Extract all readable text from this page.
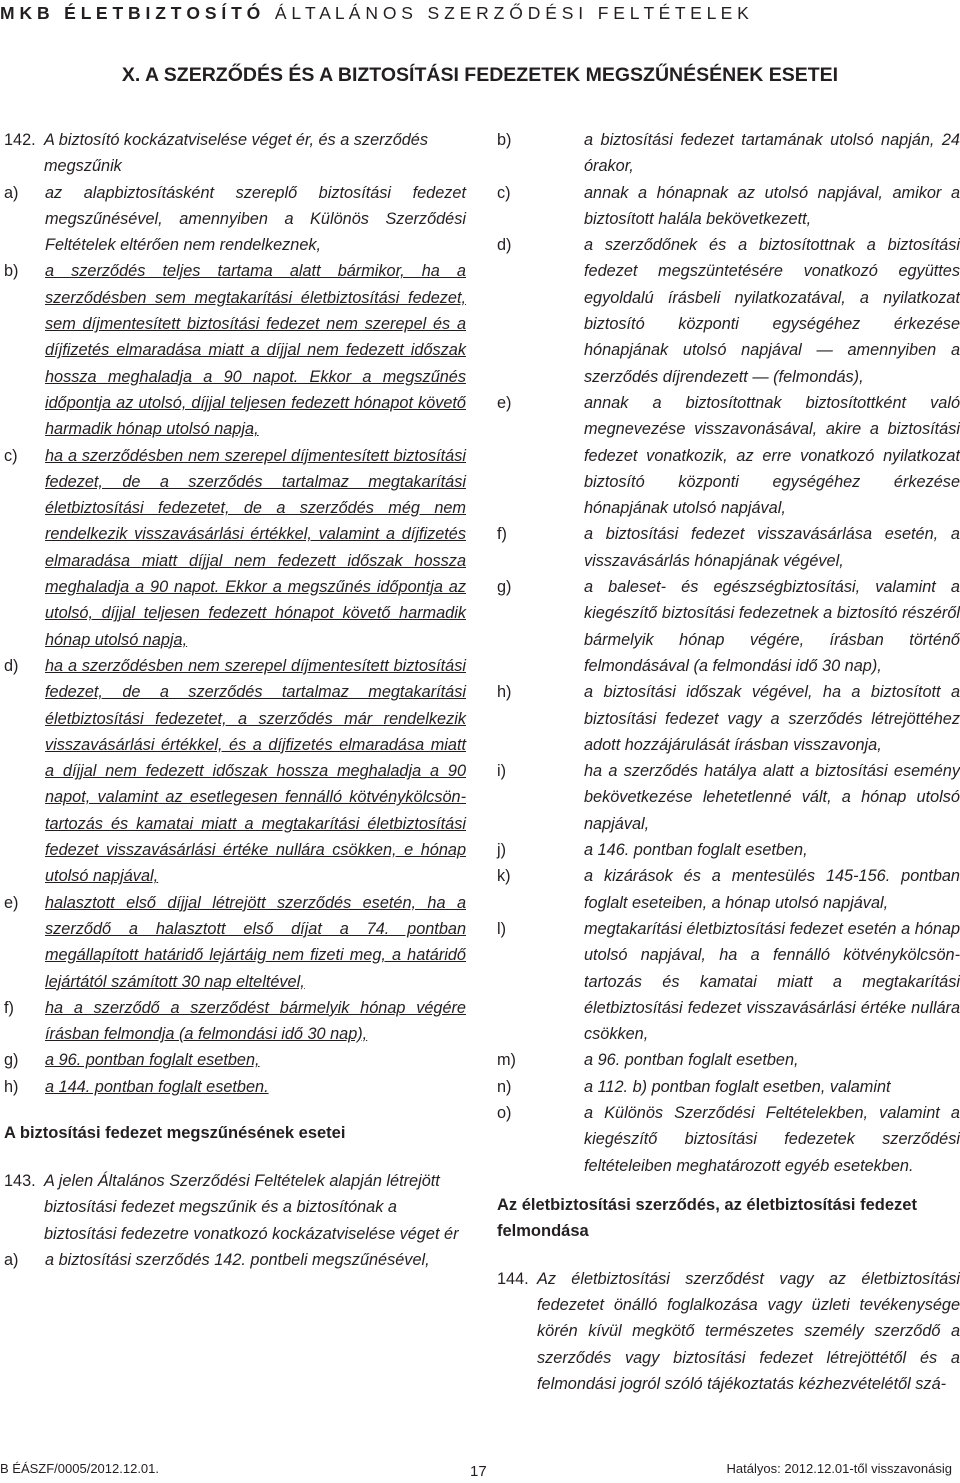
M K B   É L E T B I Z T O S Í T Ó Á L T A L Á N O S   S Z E R Z Ő D É S I   F E L T É T E L E K
X. A SZERZŐDÉS ÉS A BIZTOSÍTÁSI FEDEZETEK MEGSZŰNÉSÉNEK ESETEI
142. A biztosító kockázatviselése véget ér, és a szerződés megszűnik
a)	az alapbiztosításként szereplő biztosítási fedezet megszűnésével, amennyiben a Különös Szerződési Feltételek eltérően nem rendelkeznek,
b)	a szerződés teljes tartama alatt bármikor, ha a szerződésben sem megtakarítási életbiztosítási fedezet, sem díjmentesített biztosítási fedezet nem szerepel és a díjfizetés elmaradása miatt a díjjal nem fedezett időszak hossza meghaladja a 90 napot. Ekkor a megszűnés időpontja az utolsó, díjjal teljesen fedezett hónapot követő harmadik hónap utolsó napja,
c)	ha a szerződésben nem szerepel díjmentesített biztosítási fedezet, de a szerződés tartalmaz megtakarítási életbiztosítási fedezetet, de a szerződés még nem rendelkezik visszavásárlási értékkel, valamint a díjfizetés elmaradása miatt díjjal nem fedezett időszak hossza meghaladja a 90 napot. Ekkor a megszűnés időpontja az utolsó, díjjal teljesen fedezett hónapot követő harmadik hónap utolsó napja,
d)	ha a szerződésben nem szerepel díjmentesített biztosítási fedezet, de a szerződés tartalmaz megtakarítási életbiztosítási fedezetet, a szerződés már rendelkezik visszavásárlási értékkel, és a díjfizetés elmaradása miatt a díjjal nem fedezett időszak hossza meghaladja a 90 napot, valamint az esetlegesen fennálló kötvénykölcsön-tartozás és kamatai miatt a megtakarítási életbiztosítási fedezet visszavásárlási értéke nullára csökken, e hónap utolsó napjával,
e)	halasztott első díjjal létrejött szerződés esetén, ha a szerződő a halasztott első díjat a 74. pontban megállapított határidő lejártáig nem fizeti meg, a határidő lejártától számított 30 nap elteltével,
f)	ha a szerződő a szerződést bármelyik hónap végére írásban felmondja (a felmondási idő 30 nap),
g)	a 96. pontban foglalt esetben,
h)	a 144. pontban foglalt esetben.
A biztosítási fedezet megszűnésének esetei
143. A jelen Általános Szerződési Feltételek alapján létrejött biztosítási fedezet megszűnik és a biztosítónak a biztosítási fedezetre vonatkozó kockázatviselése véget ér
a)	a biztosítási szerződés 142. pontbeli megszűnésével,
b)	a biztosítási fedezet tartamának utolsó napján, 24 órakor,
c)	annak a hónapnak az utolsó napjával, amikor a biztosított halála bekövetkezett,
d)	a szerződőnek és a biztosítottnak a biztosítási fedezet megszüntetésére vonatkozó együttes egyoldalú írásbeli nyilatkozatával, a nyilatkozat biztosító központi egységéhez érkezése hónapjának utolsó napjával ― amennyiben a szerződés díjrendezett ― (felmondás),
e)	annak a biztosítottnak biztosítottként való megnevezése visszavonásával, akire a biztosítási fedezet vonatkozik, az erre vonatkozó nyilatkozat biztosító központi egységéhez érkezése hónapjának utolsó napjával,
f)	a biztosítási fedezet visszavásárlása esetén, a visszavásárlás hónapjának végével,
g)	a baleset- és egészségbiztosítási, valamint a kiegészítő biztosítási fedezetnek a biztosító részéről bármelyik hónap végére, írásban történő felmondásával (a felmondási idő 30 nap),
h)	a biztosítási időszak végével, ha a biztosított a biztosítási fedezet vagy a szerződés létrejöttéhez adott hozzájárulását írásban visszavonja,
i)	ha a szerződés hatálya alatt a biztosítási esemény bekövetkezése lehetetlenné vált, a hónap utolsó napjával,
j)	a 146. pontban foglalt esetben,
k)	a kizárások és a mentesülés 145-156. pontban foglalt eseteiben, a hónap utolsó napjával,
l)	megtakarítási életbiztosítási fedezet esetén a hónap utolsó napjával, ha a fennálló kötvénykölcsön- tartozás és kamatai miatt a megtakarítási életbiztosítási fedezet visszavásárlási értéke nullára csökken,
m)	a 96. pontban foglalt esetben,
n)	a 112. b) pontban foglalt esetben, valamint
o)	a Különös Szerződési Feltételekben, valamint a kiegészítő biztosítási fedezetek szerződési feltételeiben meghatározott egyéb esetekben.
Az életbiztosítási szerződés, az életbiztosítási fedezet felmondása
144. Az életbiztosítási szerződést vagy az életbiztosítási fedezetet önálló foglalkozása vagy üzleti tevékenysége körén kívül megkötő természetes személy szerződő a szerződés vagy biztosítási fedezet létrejöttétől és a felmondási jogról szóló tájékoztatás kézhezvételétől szá-
B ÉÁSZF/0005/2012.12.01.	17	Hatályos: 2012.12.01-től visszavonásig
